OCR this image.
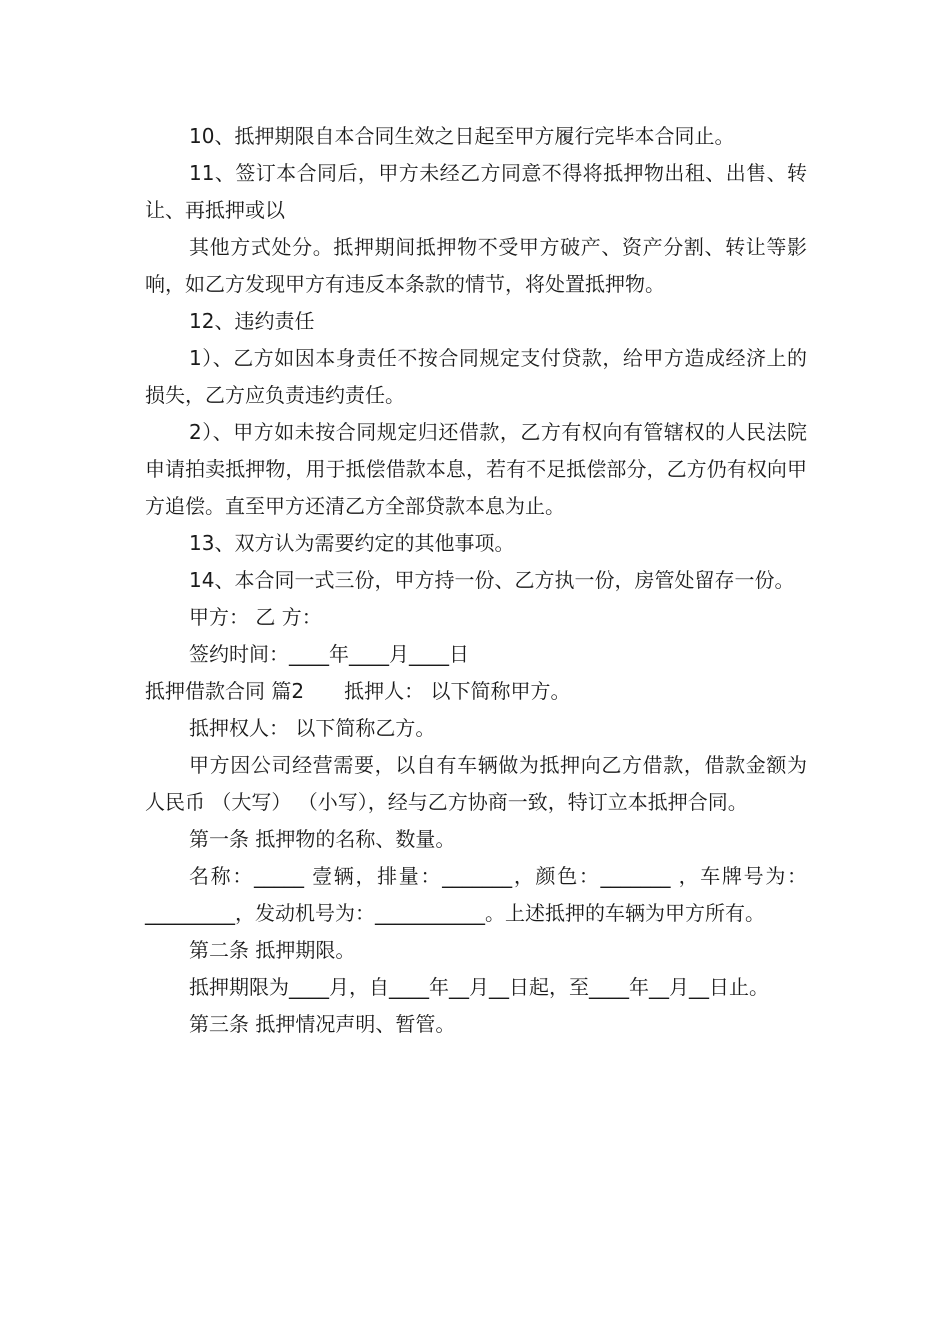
10、抵押期限自本合同生效之日起至甲方履行完毕本合同止。

11、签订本合同后，甲方未经乙方同意不得将抵押物出租、出售、转让、再抵押或以

其他方式处分。抵押期间抵押物不受甲方破产、资产分割、转让等影响，如乙方发现甲方有违反本条款的情节，将处置抵押物。

12、违约责任

1）、乙方如因本身责任不按合同规定支付贷款，给甲方造成经济上的损失，乙方应负责违约责任。

2）、甲方如未按合同规定归还借款，乙方有权向有管辖权的人民法院申请拍卖抵押物，用于抵偿借款本息，若有不足抵偿部分，乙方仍有权向甲方追偿。直至甲方还清乙方全部贷款本息为止。

13、双方认为需要约定的其他事项。

14、本合同一式三份，甲方持一份、乙方执一份，房管处留存一份。

甲方： 乙 方：

签约时间：____年____月____日

抵押借款合同 篇2　　抵押人： 以下简称甲方。

抵押权人： 以下简称乙方。

甲方因公司经营需要，以自有车辆做为抵押向乙方借款，借款金额为人民币 （大写） （小写），经与乙方协商一致，特订立本抵押合同。

第一条 抵押物的名称、数量。

名称：_____ 壹辆，排量：_______，颜色：_______ ，车牌号为：_________，发动机号为：___________。上述抵押的车辆为甲方所有。

第二条 抵押期限。

抵押期限为____月，自____年__月__日起，至____年__月__日止。

第三条 抵押情况声明、暂管。
